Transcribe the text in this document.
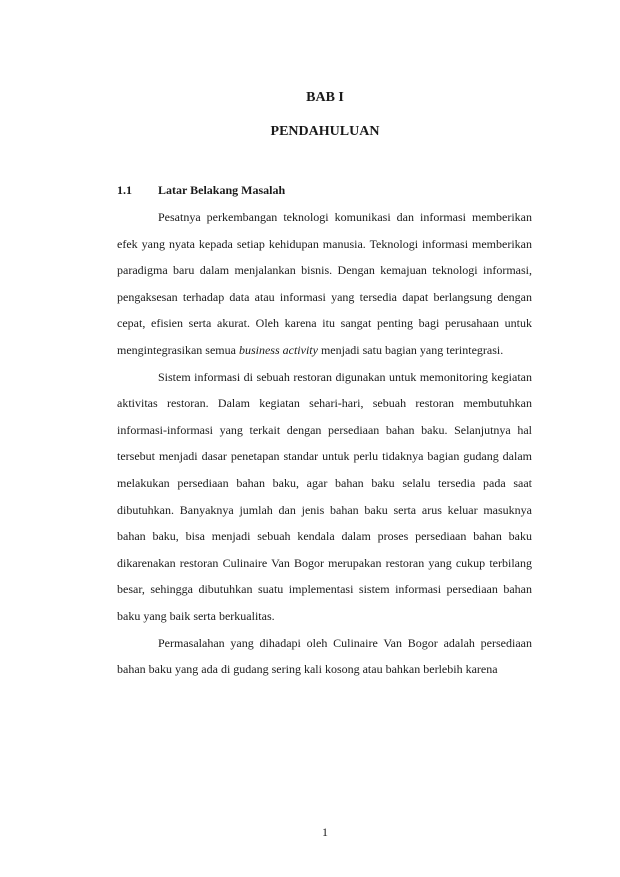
BAB I
PENDAHULUAN
1.1 Latar Belakang Masalah

Pesatnya perkembangan teknologi komunikasi dan informasi memberikan efek yang nyata kepada setiap kehidupan manusia. Teknologi informasi memberikan paradigma baru dalam menjalankan bisnis. Dengan kemajuan teknologi informasi, pengaksesan terhadap data atau informasi yang tersedia dapat berlangsung dengan cepat, efisien serta akurat. Oleh karena itu sangat penting bagi perusahaan untuk mengintegrasikan semua business activity menjadi satu bagian yang terintegrasi.

Sistem informasi di sebuah restoran digunakan untuk memonitoring kegiatan aktivitas restoran. Dalam kegiatan sehari-hari, sebuah restoran membutuhkan informasi-informasi yang terkait dengan persediaan bahan baku. Selanjutnya hal tersebut menjadi dasar penetapan standar untuk perlu tidaknya bagian gudang dalam melakukan persediaan bahan baku, agar bahan baku selalu tersedia pada saat dibutuhkan. Banyaknya jumlah dan jenis bahan baku serta arus keluar masuknya bahan baku, bisa menjadi sebuah kendala dalam proses persediaan bahan baku dikarenakan restoran Culinaire Van Bogor merupakan restoran yang cukup terbilang besar, sehingga dibutuhkan suatu implementasi sistem informasi persediaan bahan baku yang baik serta berkualitas.

Permasalahan yang dihadapi oleh Culinaire Van Bogor adalah persediaan bahan baku yang ada di gudang sering kali kosong atau bahkan berlebih karena

1
